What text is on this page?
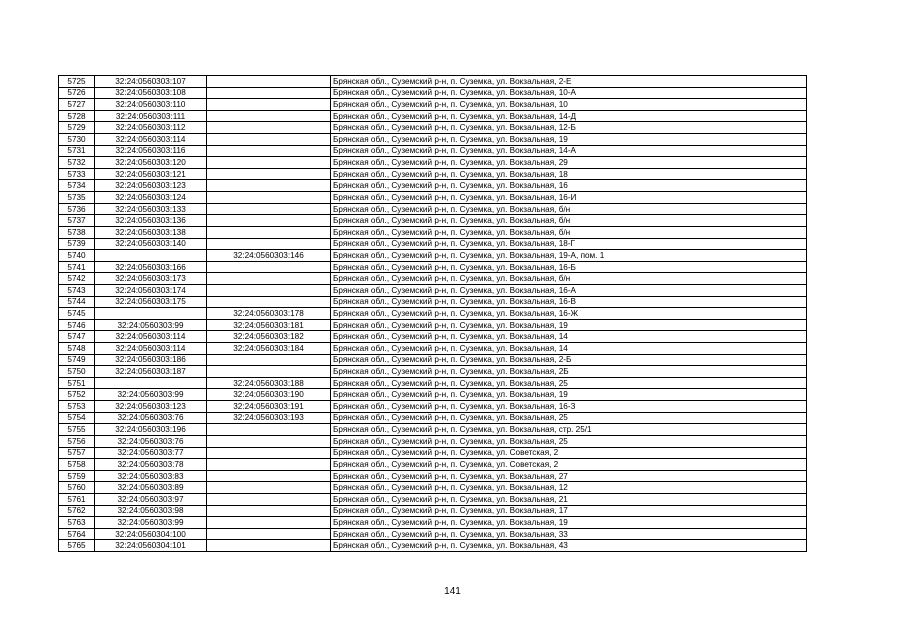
5725	32:24:0560303:107		Брянская обл., Суземский р-н, п. Суземка, ул. Вокзальная, 2-Е
5726	32:24:0560303:108		Брянская обл., Суземский р-н, п. Суземка, ул. Вокзальная, 10-А
5727	32:24:0560303:110		Брянская обл., Суземский р-н, п. Суземка, ул. Вокзальная, 10
5728	32:24:0560303:111		Брянская обл., Суземский р-н, п. Суземка, ул. Вокзальная, 14-Д
5729	32:24:0560303:112		Брянская обл., Суземский р-н, п. Суземка, ул. Вокзальная, 12-Б
5730	32:24:0560303:114		Брянская обл., Суземский р-н, п. Суземка, ул. Вокзальная, 19
5731	32:24:0560303:116		Брянская обл., Суземский р-н, п. Суземка, ул. Вокзальная, 14-А
5732	32:24:0560303:120		Брянская обл., Суземский р-н, п. Суземка, ул. Вокзальная, 29
5733	32:24:0560303:121		Брянская обл., Суземский р-н, п. Суземка, ул. Вокзальная, 18
5734	32:24:0560303:123		Брянская обл., Суземский р-н, п. Суземка, ул. Вокзальная, 16
5735	32:24:0560303:124		Брянская обл., Суземский р-н, п. Суземка, ул. Вокзальная, 16-И
5736	32:24:0560303:133		Брянская обл., Суземский р-н, п. Суземка, ул. Вокзальная, б/н
5737	32:24:0560303:136		Брянская обл., Суземский р-н, п. Суземка, ул. Вокзальная, б/н
5738	32:24:0560303:138		Брянская обл., Суземский р-н, п. Суземка, ул. Вокзальная, б/н
5739	32:24:0560303:140		Брянская обл., Суземский р-н, п. Суземка, ул. Вокзальная, 18-Г
5740		32:24:0560303:146	Брянская обл., Суземский р-н, п. Суземка, ул. Вокзальная, 19-А, пом. 1
5741	32:24:0560303:166		Брянская обл., Суземский р-н, п. Суземка, ул. Вокзальная, 16-Б
5742	32:24:0560303:173		Брянская обл., Суземский р-н, п. Суземка, ул. Вокзальная, б/н
5743	32:24:0560303:174		Брянская обл., Суземский р-н, п. Суземка, ул. Вокзальная, 16-А
5744	32:24:0560303:175		Брянская обл., Суземский р-н, п. Суземка, ул. Вокзальная, 16-В
5745		32:24:0560303:178	Брянская обл., Суземский р-н, п. Суземка, ул. Вокзальная, 16-Ж
5746	32:24:0560303:99	32:24:0560303:181	Брянская обл., Суземский р-н, п. Суземка, ул. Вокзальная, 19
5747	32:24:0560303:114	32:24:0560303:182	Брянская обл., Суземский р-н, п. Суземка, ул. Вокзальная, 14
5748	32:24:0560303:114	32:24:0560303:184	Брянская обл., Суземский р-н, п. Суземка, ул. Вокзальная, 14
5749	32:24:0560303:186		Брянская обл., Суземский р-н, п. Суземка, ул. Вокзальная, 2-Б
5750	32:24:0560303:187		Брянская обл., Суземский р-н, п. Суземка, ул. Вокзальная, 2Б
5751		32:24:0560303:188	Брянская обл., Суземский р-н, п. Суземка, ул. Вокзальная, 25
5752	32:24:0560303:99	32:24:0560303:190	Брянская обл., Суземский р-н, п. Суземка, ул. Вокзальная, 19
5753	32:24:0560303:123	32:24:0560303:191	Брянская обл., Суземский р-н, п. Суземка, ул. Вокзальная, 16-З
5754	32:24:0560303:76	32:24:0560303:193	Брянская обл., Суземский р-н, п. Суземка, ул. Вокзальная, 25
5755	32:24:0560303:196		Брянская обл., Суземский р-н, п. Суземка, ул. Вокзальная, стр. 25/1
5756	32:24:0560303:76		Брянская обл., Суземский р-н, п. Суземка, ул. Вокзальная, 25
5757	32:24:0560303:77		Брянская обл., Суземский р-н, п. Суземка, ул. Советская, 2
5758	32:24:0560303:78		Брянская обл., Суземский р-н, п. Суземка, ул. Советская, 2
5759	32:24:0560303:83		Брянская обл., Суземский р-н, п. Суземка, ул. Вокзальная, 27
5760	32:24:0560303:89		Брянская обл., Суземский р-н, п. Суземка, ул. Вокзальная, 12
5761	32:24:0560303:97		Брянская обл., Суземский р-н, п. Суземка, ул. Вокзальная, 21
5762	32:24:0560303:98		Брянская обл., Суземский р-н, п. Суземка, ул. Вокзальная, 17
5763	32:24:0560303:99		Брянская обл., Суземский р-н, п. Суземка, ул. Вокзальная, 19
5764	32:24:0560304:100		Брянская обл., Суземский р-н, п. Суземка, ул. Вокзальная, 33
5765	32:24:0560304:101		Брянская обл., Суземский р-н, п. Суземка, ул. Вокзальная, 43
141
